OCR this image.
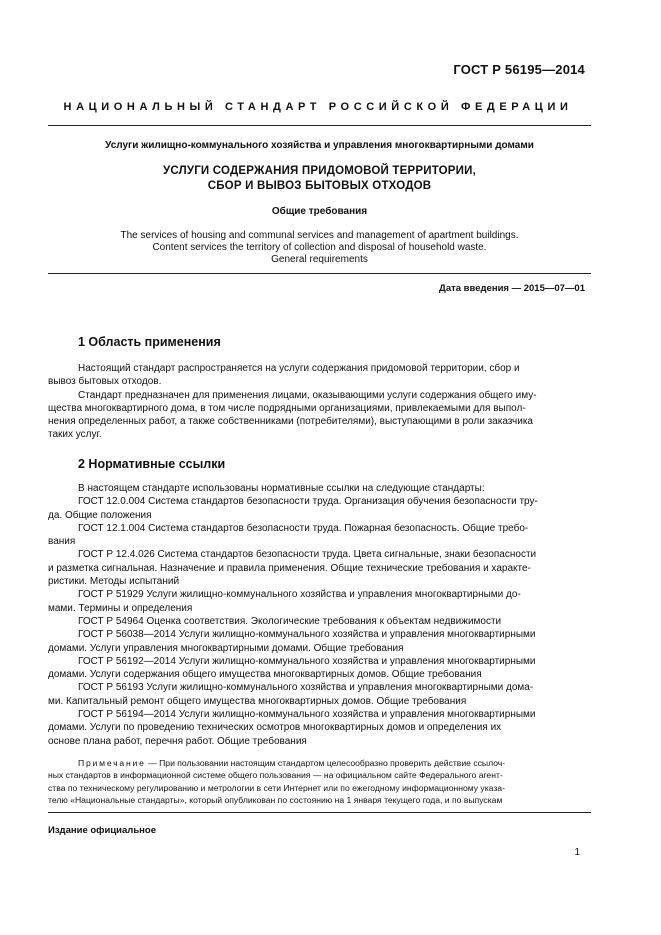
ГОСТ Р 56195—2014
НАЦИОНАЛЬНЫЙ СТАНДАРТ РОССИЙСКОЙ ФЕДЕРАЦИИ
Услуги жилищно-коммунального хозяйства и управления многоквартирными домами
УСЛУГИ СОДЕРЖАНИЯ ПРИДОМОВОЙ ТЕРРИТОРИИ,
СБОР И ВЫВОЗ БЫТОВЫХ ОТХОДОВ
Общие требования
The services of housing and communal services and management of apartment buildings.
Content services the territory of collection and disposal of household waste.
General requirements
Дата введения — 2015—07—01
1 Область применения
Настоящий стандарт распространяется на услуги содержания придомовой территории, сбор и
вывоз бытовых отходов.
Стандарт предназначен для применения лицами, оказывающими услуги содержания общего иму-
щества многоквартирного дома, в том числе подрядными организациями, привлекаемыми для выпол-
нения определенных работ, а также собственниками (потребителями), выступающими в роли заказчика
таких услуг.
2 Нормативные ссылки
В настоящем стандарте использованы нормативные ссылки на следующие стандарты:
ГОСТ 12.0.004 Система стандартов безопасности труда. Организация обучения безопасности тру-
да. Общие положения
ГОСТ 12.1.004 Система стандартов безопасности труда. Пожарная безопасность. Общие требо-
вания
ГОСТ Р 12.4.026 Система стандартов безопасности труда. Цвета сигнальные, знаки безопасности
и разметка сигнальная. Назначение и правила применения. Общие технические требования и характе-
ристики. Методы испытаний
ГОСТ Р 51929 Услуги жилищно-коммунального хозяйства и управления многоквартирными до-
мами. Термины и определения
ГОСТ Р 54964 Оценка соответствия. Экологические требования к объектам недвижимости
ГОСТ Р 56038—2014 Услуги жилищно-коммунального хозяйства и управления многоквартирными
домами. Услуги управления многоквартирными домами. Общие требования
ГОСТ Р 56192—2014 Услуги жилищно-коммунального хозяйства и управления многоквартирными
домами. Услуги содержания общего имущества многоквартирных домов. Общие требования
ГОСТ Р 56193 Услуги жилищно-коммунального хозяйства и управления многоквартирными дома-
ми. Капитальный ремонт общего имущества многоквартирных домов. Общие требования
ГОСТ Р 56194—2014 Услуги жилищно-коммунального хозяйства и управления многоквартирными
домами. Услуги по проведению технических осмотров многоквартирных домов и определения их
основе плана работ, перечня работ. Общие требования
Примечание — При пользовании настоящим стандартом целесообразно проверить действие ссылоч-
ных стандартов в информационной системе общего пользования — на официальном сайте Федерального агент-
ства по техническому регулированию и метрологии в сети Интернет или по ежегодному информационному указа-
телю «Национальные стандарты», который опубликован по состоянию на 1 января текущего года, и по выпускам
Издание официальное
1
